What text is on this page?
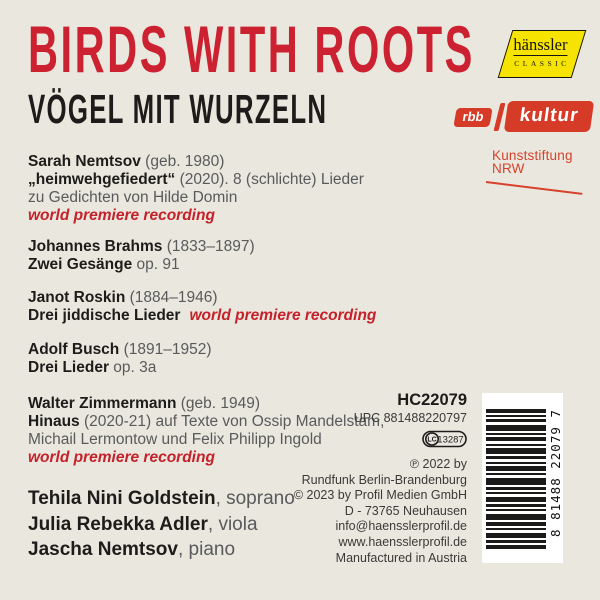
BIRDS WITH ROOTS
VÖGEL MIT WURZELN
hänssler
CLASSIC
rbb	kultur
Kunststiftung
NRW
Sarah Nemtsov (geb. 1980)
„heimwehgefiedert“ (2020). 8 (schlichte) Lieder
zu Gedichten von Hilde Domin
world premiere recording
Johannes Brahms (1833–1897)
Zwei Gesänge op. 91
Janot Roskin (1884–1946)
Drei jiddische Lieder world premiere recording
Adolf Busch (1891–1952)
Drei Lieder op. 3a
Walter Zimmermann (geb. 1949)
Hinaus (2020-21) auf Texte von Ossip Mandelstam,
Michail Lermontow und Felix Philipp Ingold
world premiere recording
Tehila Nini Goldstein, soprano
Julia Rebekka Adler, viola
Jascha Nemtsov, piano
HC22079
UPC 881488220797
LC 13287
℗ 2022 by
Rundfunk Berlin-Brandenburg
© 2023 by Profil Medien GmbH
D - 73765 Neuhausen
info@haensslerprofil.de
www.haensslerprofil.de
Manufactured in Austria
8 81488 22079 7
